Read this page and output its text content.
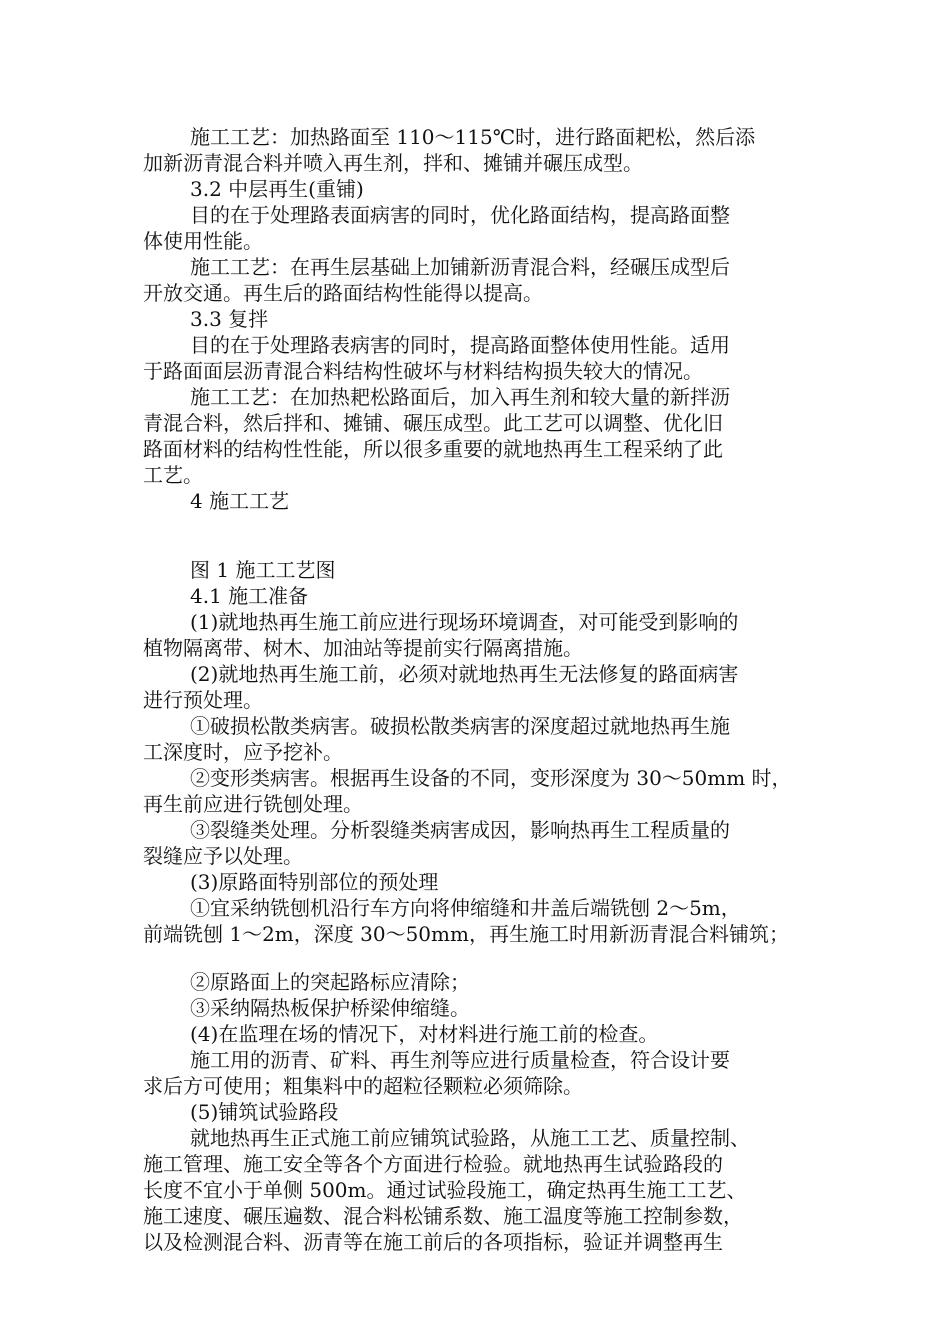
施工工艺：加热路面至 110～115℃时，进行路面耙松，然后添
加新沥青混合料并喷入再生剂，拌和、摊铺并碾压成型。
3.2 中层再生(重铺)
目的在于处理路表面病害的同时，优化路面结构，提高路面整
体使用性能。
施工工艺：在再生层基础上加铺新沥青混合料，经碾压成型后
开放交通。再生后的路面结构性能得以提高。
3.3 复拌
目的在于处理路表病害的同时，提高路面整体使用性能。适用
于路面面层沥青混合料结构性破坏与材料结构损失较大的情况。
施工工艺：在加热耙松路面后，加入再生剂和较大量的新拌沥
青混合料，然后拌和、摊铺、碾压成型。此工艺可以调整、优化旧
路面材料的结构性性能，所以很多重要的就地热再生工程采纳了此
工艺。
4 施工工艺
图 1 施工工艺图
4.1 施工准备
(1)就地热再生施工前应进行现场环境调查，对可能受到影响的
植物隔离带、树木、加油站等提前实行隔离措施。
(2)就地热再生施工前，必须对就地热再生无法修复的路面病害
进行预处理。
①破损松散类病害。破损松散类病害的深度超过就地热再生施
工深度时，应予挖补。
②变形类病害。根据再生设备的不同，变形深度为 30～50mm 时，
再生前应进行铣刨处理。
③裂缝类处理。分析裂缝类病害成因，影响热再生工程质量的
裂缝应予以处理。
(3)原路面特别部位的预处理
①宜采纳铣刨机沿行车方向将伸缩缝和井盖后端铣刨 2～5m，
前端铣刨 1～2m，深度 30～50mm，再生施工时用新沥青混合料铺筑；
②原路面上的突起路标应清除；
③采纳隔热板保护桥梁伸缩缝。
(4)在监理在场的情况下，对材料进行施工前的检查。
施工用的沥青、矿料、再生剂等应进行质量检查，符合设计要
求后方可使用；粗集料中的超粒径颗粒必须筛除。
(5)铺筑试验路段
就地热再生正式施工前应铺筑试验路，从施工工艺、质量控制、
施工管理、施工安全等各个方面进行检验。就地热再生试验路段的
长度不宜小于单侧 500m。通过试验段施工，确定热再生施工工艺、
施工速度、碾压遍数、混合料松铺系数、施工温度等施工控制参数，
以及检测混合料、沥青等在施工前后的各项指标，验证并调整再生
